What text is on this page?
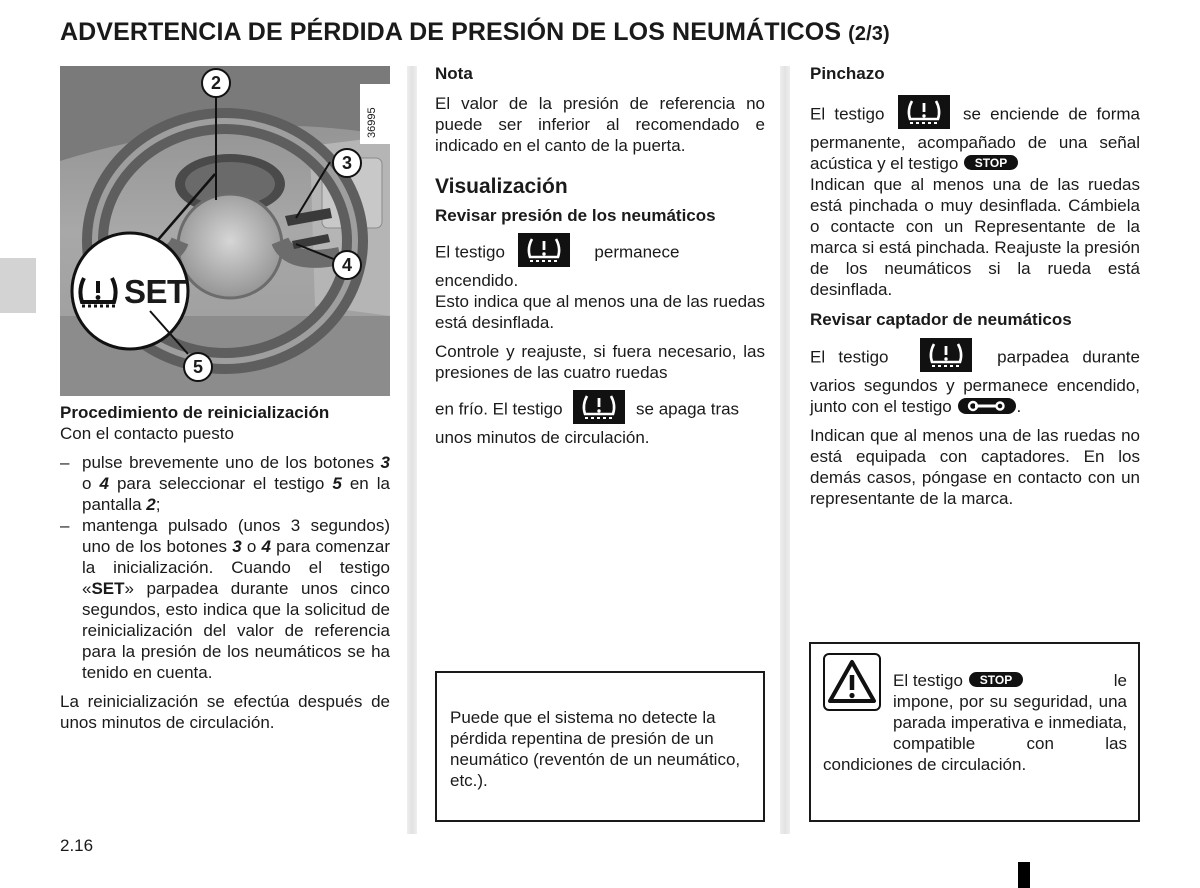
ADVERTENCIA DE PÉRDIDA DE PRESIÓN DE LOS NEUMÁTICOS (2/3)
SET
2
3
4
5
36995

Procedimiento de reinicialización

Con el contacto puesto

– pulse brevemente uno de los botones 3 o 4 para seleccionar el testigo 5 en la pantalla 2;
– mantenga pulsado (unos 3 segundos) uno de los botones 3 o 4 para comenzar la inicialización. Cuando el testigo «SET» parpadea durante unos cinco segundos, esto indica que la solicitud de reinicialización del valor de referencia para la presión de los neumáticos se ha tenido en cuenta.

La reinicialización se efectúa después de unos minutos de circulación.

Nota

El valor de la presión de referencia no puede ser inferior al recomendado e indicado en el canto de la puerta.

Visualización

Revisar presión de los neumáticos

El testigo	permanece encendido.

Esto indica que al menos una de las ruedas está desinflada.

Controle y reajuste, si fuera necesario, las presiones de las cuatro ruedas

en frío. El testigo	se apaga tras unos minutos de circulación.

Puede que el sistema no detecte la pérdida repentina de presión de un neumático (reventón de un neumático, etc.).

Pinchazo

El testigo	se enciende de forma permanente, acompañado de una señal acústica y el testigo STOP

Indican que al menos una de las ruedas está pinchada o muy desinflada. Cámbiela o contacte con un Representante de la marca si está pinchada. Reajuste la presión de los neumáticos si la rueda está desinflada.

Revisar captador de neumáticos

El testigo	parpadea durante varios segundos y permanece encendido, junto con el testigo	.

Indican que al menos una de las ruedas no está equipada con captadores. En los demás casos, póngase en contacto con un representante de la marca.

El testigo STOP	le impone, por su seguridad, una parada imperativa e inmediata, compatible con las condiciones de circulación.
2.16
